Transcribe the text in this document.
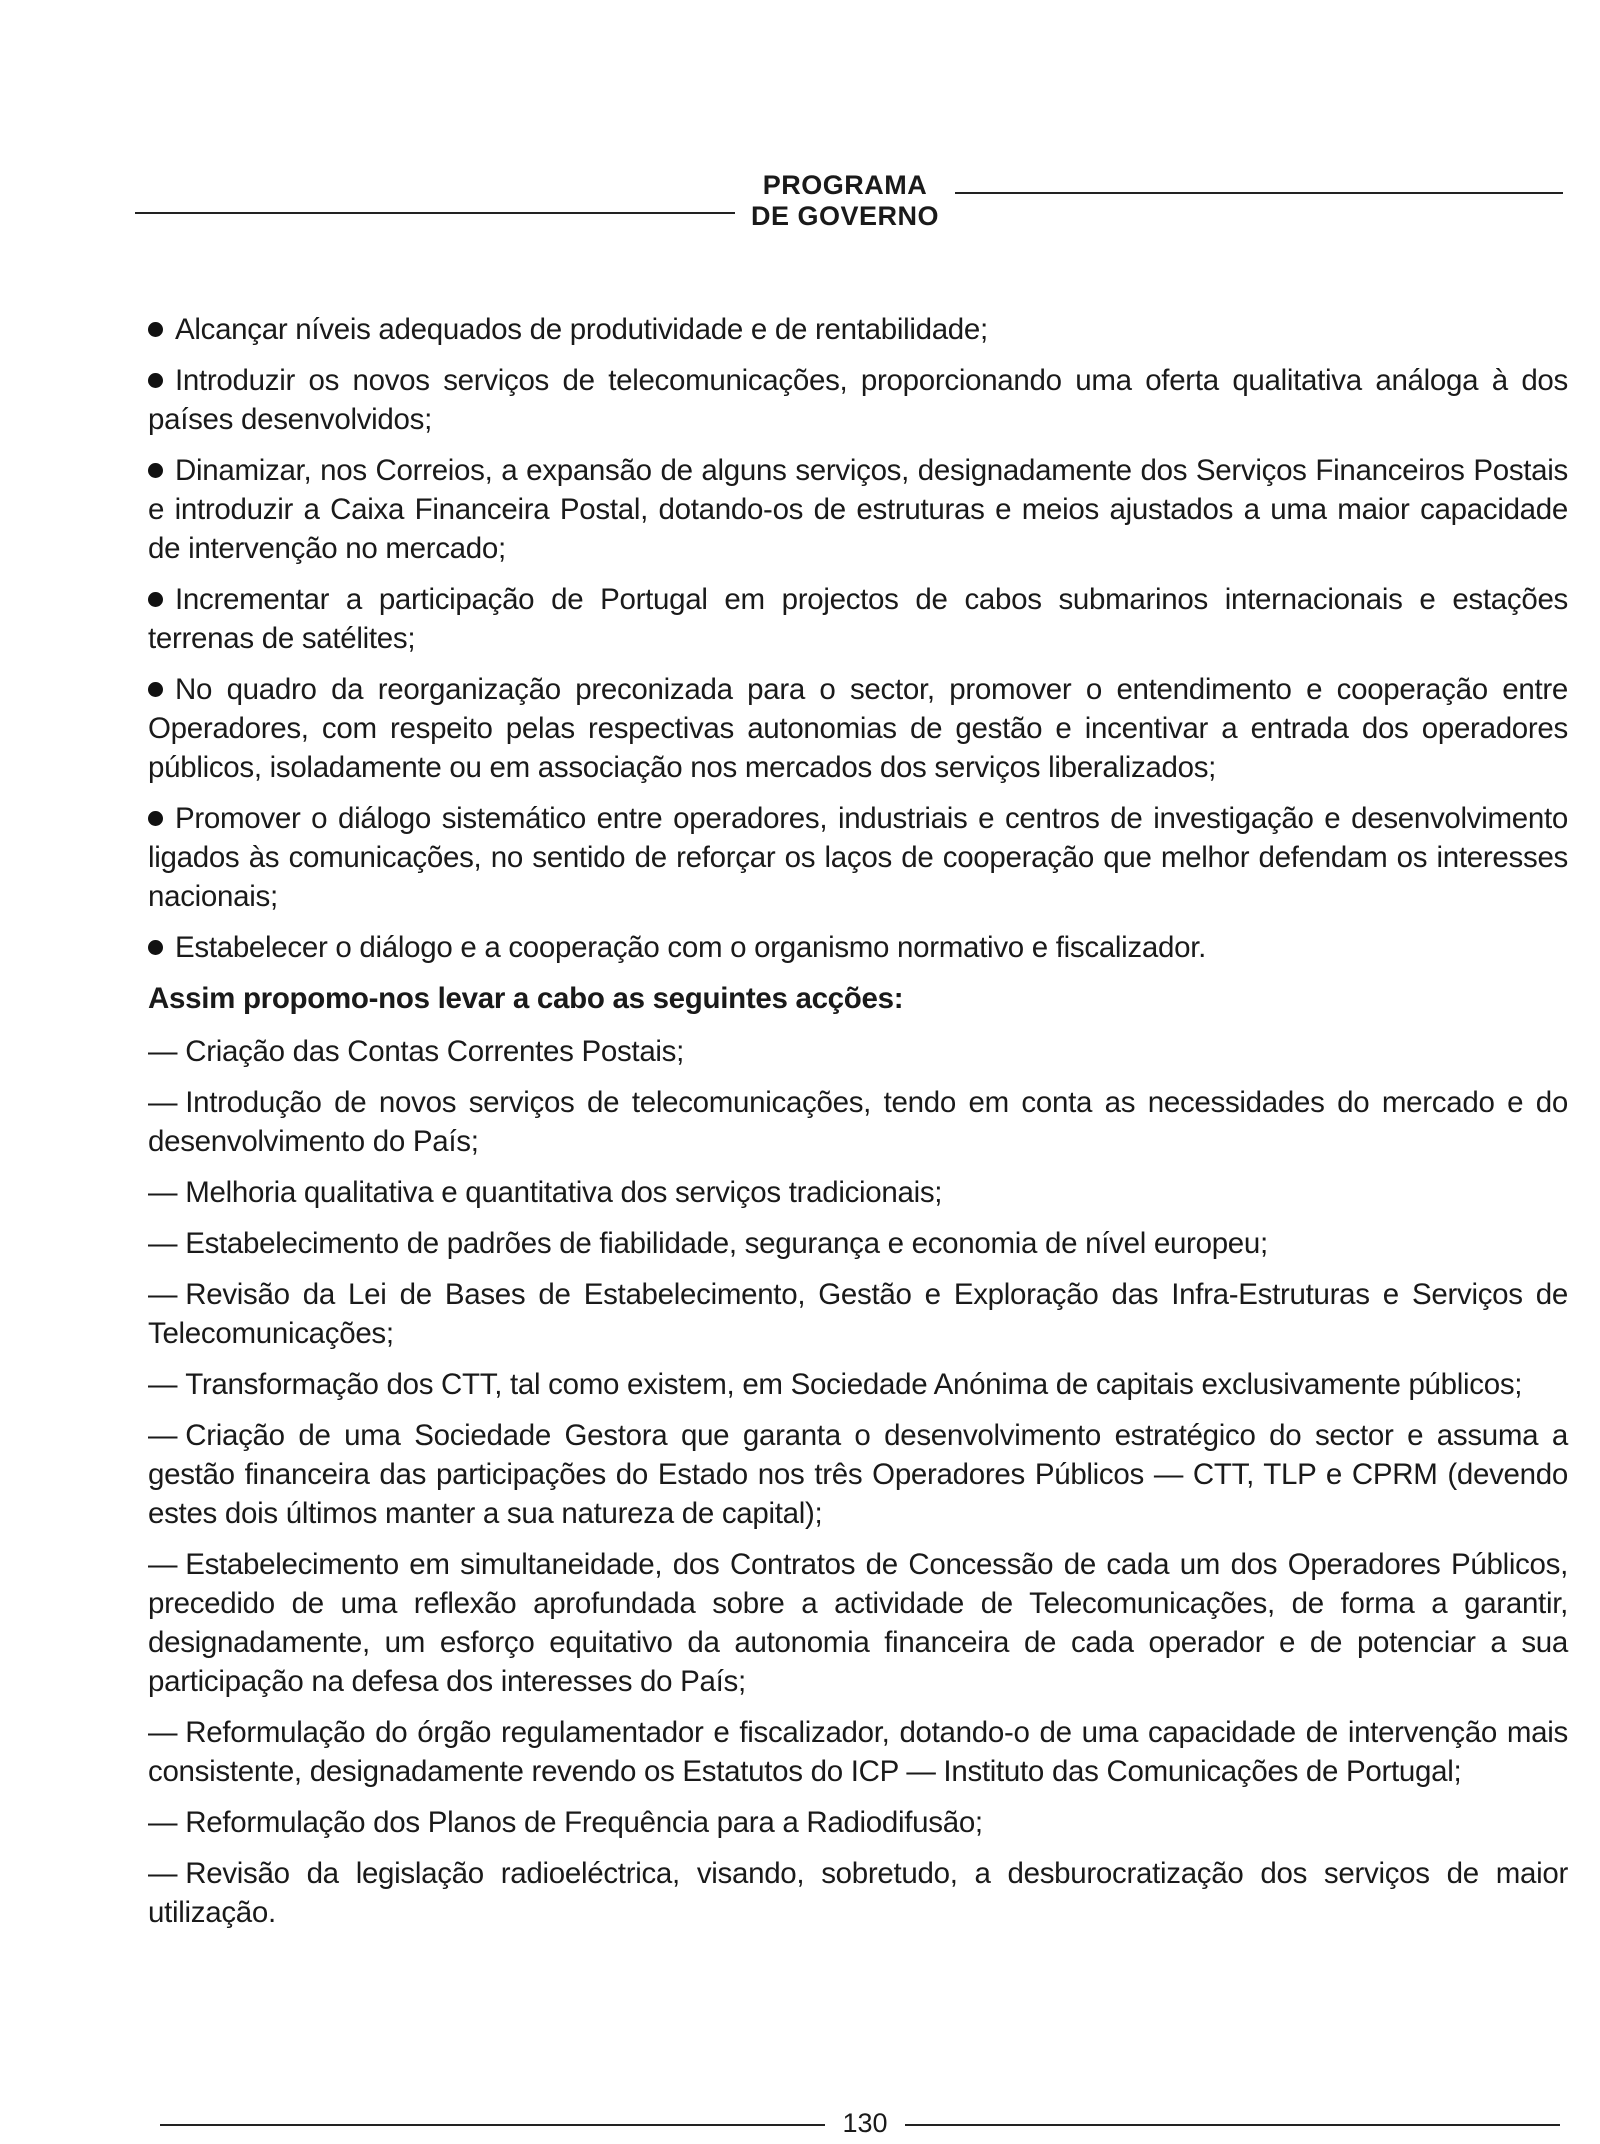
PROGRAMA
DE GOVERNO

Alcançar níveis adequados de produtividade e de rentabilidade;

Introduzir os novos serviços de telecomunicações, proporcionando uma oferta qualitativa análoga à dos países desenvolvidos;

Dinamizar, nos Correios, a expansão de alguns serviços, designadamente dos Serviços Financeiros Postais e introduzir a Caixa Financeira Postal, dotando-os de estruturas e meios ajustados a uma maior capacidade de intervenção no mercado;

Incrementar a participação de Portugal em projectos de cabos submarinos internacionais e estações terrenas de satélites;

No quadro da reorganização preconizada para o sector, promover o entendimento e cooperação entre Operadores, com respeito pelas respectivas autonomias de gestão e incentivar a entrada dos operadores públicos, isoladamente ou em associação nos mercados dos serviços liberalizados;

Promover o diálogo sistemático entre operadores, industriais e centros de investigação e desenvolvimento ligados às comunicações, no sentido de reforçar os laços de cooperação que melhor defendam os interesses nacionais;

Estabelecer o diálogo e a cooperação com o organismo normativo e fiscalizador.

Assim propomo-nos levar a cabo as seguintes acções:

— Criação das Contas Correntes Postais;

— Introdução de novos serviços de telecomunicações, tendo em conta as necessidades do mercado e do desenvolvimento do País;

— Melhoria qualitativa e quantitativa dos serviços tradicionais;

— Estabelecimento de padrões de fiabilidade, segurança e economia de nível europeu;

— Revisão da Lei de Bases de Estabelecimento, Gestão e Exploração das Infra-Estruturas e Serviços de Telecomunicações;

— Transformação dos CTT, tal como existem, em Sociedade Anónima de capitais exclusivamente públicos;

— Criação de uma Sociedade Gestora que garanta o desenvolvimento estratégico do sector e assuma a gestão financeira das participações do Estado nos três Operadores Públicos — CTT, TLP e CPRM (devendo estes dois últimos manter a sua natureza de capital);

— Estabelecimento em simultaneidade, dos Contratos de Concessão de cada um dos Operadores Públicos, precedido de uma reflexão aprofundada sobre a actividade de Telecomunicações, de forma a garantir, designadamente, um esforço equitativo da autonomia financeira de cada operador e de potenciar a sua participação na defesa dos interesses do País;

— Reformulação do órgão regulamentador e fiscalizador, dotando-o de uma capacidade de intervenção mais consistente, designadamente revendo os Estatutos do ICP — Instituto das Comunicações de Portugal;

— Reformulação dos Planos de Frequência para a Radiodifusão;

— Revisão da legislação radioeléctrica, visando, sobretudo, a desburocratização dos serviços de maior utilização.

130
